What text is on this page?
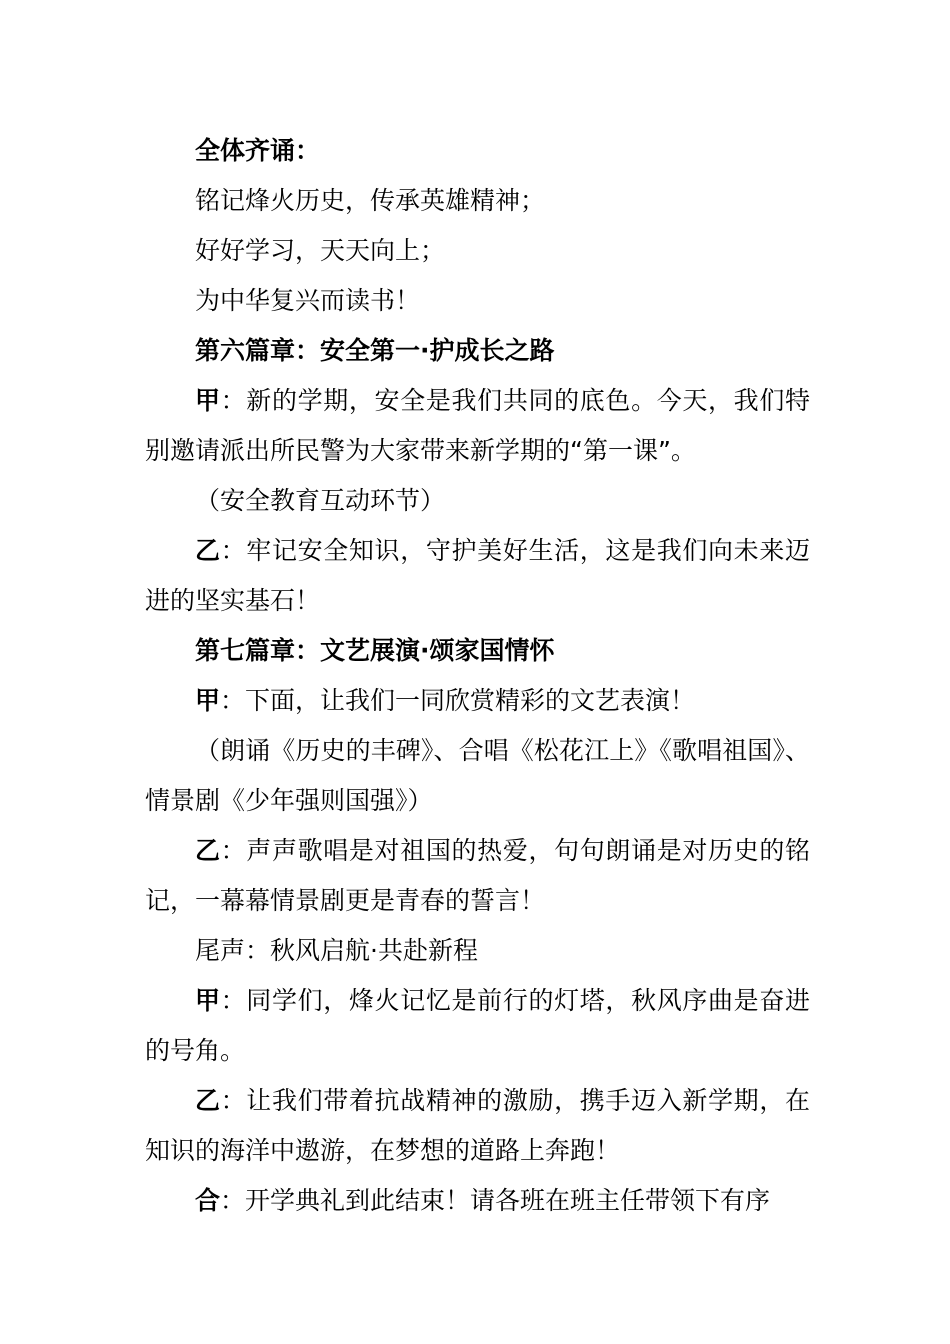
全体齐诵：

铭记烽火历史，传承英雄精神；

好好学习，天天向上；

为中华复兴而读书！

第六篇章：安全第一·护成长之路

甲：新的学期，安全是我们共同的底色。今天，我们特别邀请派出所民警为大家带来新学期的“第一课”。

（安全教育互动环节）

乙：牢记安全知识，守护美好生活，这是我们向未来迈进的坚实基石！

第七篇章：文艺展演·颂家国情怀

甲：下面，让我们一同欣赏精彩的文艺表演！

（朗诵《历史的丰碑》、合唱《松花江上》《歌唱祖国》、情景剧《少年强则国强》）

乙：声声歌唱是对祖国的热爱，句句朗诵是对历史的铭记，一幕幕情景剧更是青春的誓言！

尾声：秋风启航·共赴新程

甲：同学们，烽火记忆是前行的灯塔，秋风序曲是奋进的号角。

乙：让我们带着抗战精神的激励，携手迈入新学期，在知识的海洋中遨游，在梦想的道路上奔跑！

合：开学典礼到此结束！请各班在班主任带领下有序
